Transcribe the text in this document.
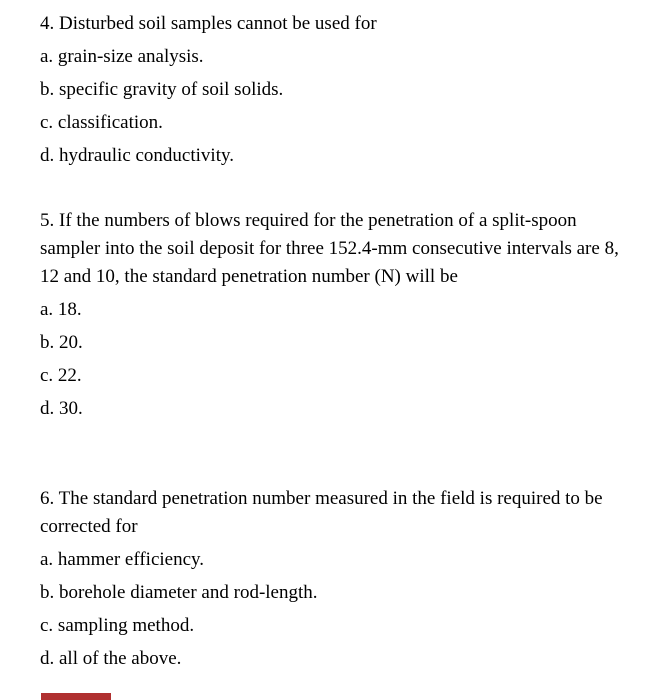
4. Disturbed soil samples cannot be used for

a. grain-size analysis.
b. specific gravity of soil solids.
c. classification.
d. hydraulic conductivity.

5. If the numbers of blows required for the penetration of a split-spoon sampler into the soil deposit for three 152.4-mm consecutive intervals are 8, 12 and 10, the standard penetration number (N) will be

a. 18.
b. 20.
c. 22.
d. 30.

6. The standard penetration number measured in the field is required to be corrected for

a. hammer efficiency.
b. borehole diameter and rod-length.
c. sampling method.
d. all of the above.
